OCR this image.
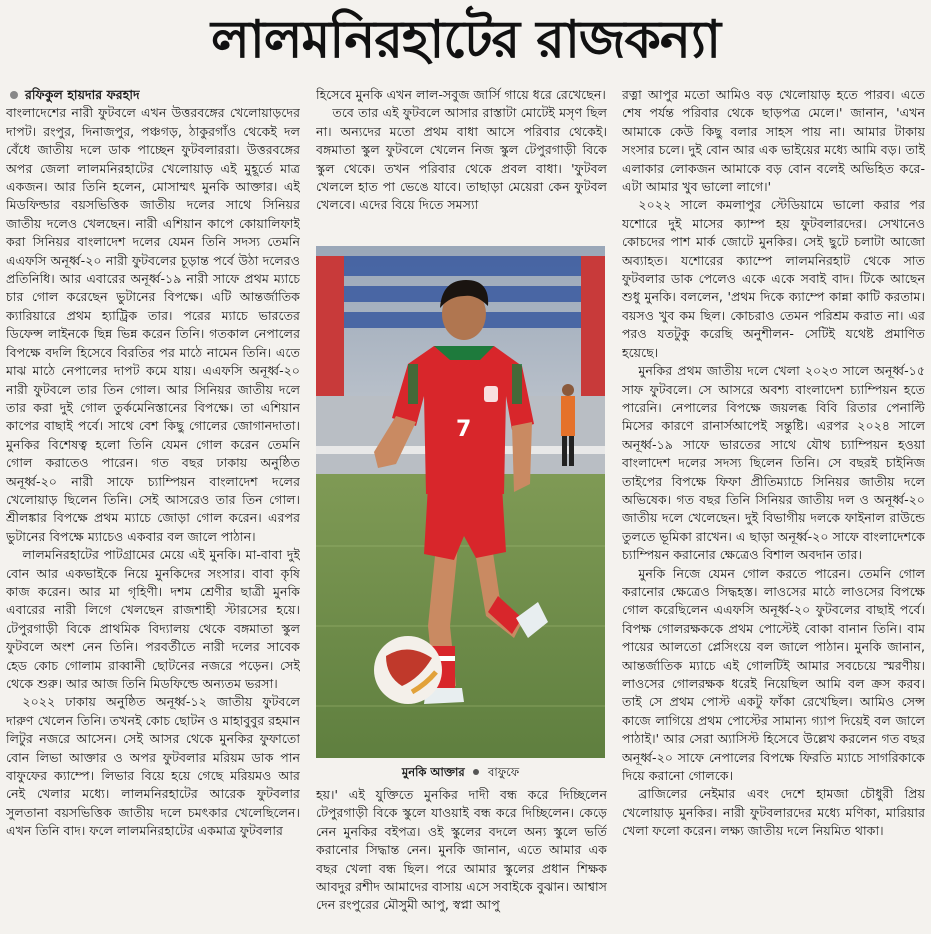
লালমনিরহাটের রাজকন্যা
রফিকুল হায়দার ফরহাদ

বাংলাদেশের নারী ফুটবলে এখন উত্তরবঙ্গের খেলোয়াড়দের দাপট। রংপুর, দিনাজপুর, পঞ্চগড়, ঠাকুরগাঁও থেকেই দল বেঁধে জাতীয় দলে ডাক পাচ্ছেন ফুটবলাররা। উত্তরবঙ্গের অপর জেলা লালমনিরহাটের খেলোয়াড় এই মুহূর্তে মাত্র একজন। আর তিনি হলেন, মোসাম্মৎ মুনকি আক্তার। এই মিডফিল্ডার বয়সভিত্তিক জাতীয় দলের সাথে সিনিয়র জাতীয় দলেও খেলছেন। নারী এশিয়ান কাপে কোয়ালিফাই করা সিনিয়র বাংলাদেশ দলের যেমন তিনি সদস্য তেমনি এএফসি অনূর্ধ্ব-২০ নারী ফুটবলের চূড়ান্ত পর্বে উঠা দলেরও প্রতিনিধি। আর এবারের অনূর্ধ্ব-১৯ নারী সাফে প্রথম ম্যাচে চার গোল করেছেন ভুটানের বিপক্ষে। এটি আন্তর্জাতিক ক্যারিয়ারে প্রথম হ্যাট্রিক তার। পরের ম্যাচে ভারতের ডিফেন্স লাইনকে ছিন্ন ভিন্ন করেন তিনি। গতকাল নেপালের বিপক্ষে বদলি হিসেবে বিরতির পর মাঠে নামেন তিনি। এতে মাঝ মাঠে নেপালের দাপট কমে যায়। এএফসি অনূর্ধ্ব-২০ নারী ফুটবলে তার তিন গোল। আর সিনিয়র জাতীয় দলে তার করা দুই গোল তুর্কমেনিস্তানের বিপক্ষে। তা এশিয়ান কাপের বাছাই পর্বে। সাথে বেশ কিছু গোলের জোগানদাতা। মুনকির বিশেষত্ব হলো তিনি যেমন গোল করেন তেমনি গোল করাতেও পারেন। গত বছর ঢাকায় অনুষ্ঠিত অনূর্ধ্ব-২০ নারী সাফে চ্যাম্পিয়ন বাংলাদেশ দলের খেলোয়াড় ছিলেন তিনি। সেই আসরেও তার তিন গোল। শ্রীলঙ্কার বিপক্ষে প্রথম ম্যাচে জোড়া গোল করেন। এরপর ভুটানের বিপক্ষে ম্যাচেও একবার বল জালে পাঠান।

লালমনিরহাটের পাটগ্রামের মেয়ে এই মুনকি। মা-বাবা দুই বোন আর একভাইকে নিয়ে মুনকিদের সংসার। বাবা কৃষি কাজ করেন। আর মা গৃহিণী। দশম শ্রেণীর ছাত্রী মুনকি এবারের নারী লিগে খেলছেন রাজশাহী স্টারসের হয়ে। টেপুরগাড়ী বিকে প্রাথমিক বিদ্যালয় থেকে বঙ্গমাতা স্কুল ফুটবলে অংশ নেন তিনি। পরবর্তীতে নারী দলের সাবেক হেড কোচ গোলাম রাব্বানী ছোটনের নজরে পড়েন। সেই থেকে শুরু। আর আজ তিনি মিডফিল্ডে অন্যতম ভরসা।

২০২২ ঢাকায় অনুষ্ঠিত অনূর্ধ্ব-১২ জাতীয় ফুটবলে দারুণ খেলেন তিনি। তখনই কোচ ছোটন ও মাহাবুবুর রহমান লিটুর নজরে আসেন। সেই আসর থেকে মুনকির ফুফাতো বোন লিভা আক্তার ও অপর ফুটবলার মরিয়ম ডাক পান বাফুফের ক্যাম্পে। লিভার বিয়ে হয়ে গেছে মরিয়মও আর নেই খেলার মধ্যে। লালমনিরহাটের আরেক ফুটবলার সুলতানা বয়সভিত্তিক জাতীয় দলে চমৎকার খেলেছিলেন। এখন তিনি বাদ। ফলে লালমনিরহাটের একমাত্র ফুটবলার

হিসেবে মুনকি এখন লাল-সবুজ জার্সি গায়ে ধরে রেখেছেন।

তবে তার এই ফুটবলে আসার রাস্তাটা মোটেই মসৃণ ছিল না। অন্যদের মতো প্রথম বাধা আসে পরিবার থেকেই। বঙ্গমাতা স্কুল ফুটবলে খেলেন নিজ স্কুল টেপুরগাড়ী বিকে স্কুল থেকে। তখন পরিবার থেকে প্রবল বাধা। 'ফুটবল খেললে হাত পা ভেঙে যাবে। তাছাড়া মেয়েরা কেন ফুটবল খেলবে। এদের বিয়ে দিতে সমস্যা

হয়।' এই যুক্তিতে মুনকির দাদী বন্ধ করে দিচ্ছিলেন টেপুরগাড়ী বিকে স্কুলে যাওয়াই বন্ধ করে দিচ্ছিলেন। কেড়ে নেন মুনকির বইপত্র। ওই স্কুলের বদলে অন্য স্কুলে ভর্তি করানোর সিদ্ধান্ত নেন। মুনকি জানান, এতে আমার এক বছর খেলা বন্ধ ছিল। পরে আমার স্কুলের প্রধান শিক্ষক আবদুর রশীদ আমাদের বাসায় এসে সবাইকে বুঝান। আশ্বাস দেন রংপুরের মৌসুমী আপু, স্বপ্না আপু

7
মুনকি আক্তার বাফুফে

রত্না আপুর মতো আমিও বড় খেলোয়াড় হতে পারব। এতে শেষ পর্যন্ত পরিবার থেকে ছাড়পত্র মেলে।' জানান, 'এখন আমাকে কেউ কিছু বলার সাহস পায় না। আমার টাকায় সংসার চলে। দুই বোন আর এক ভাইয়ের মধ্যে আমি বড়। তাই এলাকার লোকজন আমাকে বড় বোন বলেই অভিহিত করে- এটা আমার খুব ভালো লাগে।'

২০২২ সালে কমলাপুর স্টেডিয়ামে ভালো করার পর যশোরে দুই মাসের ক্যাম্প হয় ফুটবলারদের। সেখানেও কোচদের পাশ মার্ক জোটে মুনকির। সেই ছুটে চলাটা আজো অব্যাহত। যশোরের ক্যাম্পে লালমনিরহাট থেকে সাত ফুটবলার ডাক পেলেও একে একে সবাই বাদ। টিকে আছেন শুধু মুনকি। বললেন, 'প্রথম দিকে ক্যাম্পে কান্না কাটি করতাম। বয়সও খুব কম ছিল। কোচরাও তেমন পরিশ্রম করাত না। এর পরও যতটুকু করেছি অনুশীলন- সেটিই যথেষ্ট প্রমাণিত হয়েছে।

মুনকির প্রথম জাতীয় দলে খেলা ২০২৩ সালে অনূর্ধ্ব-১৫ সাফ ফুটবলে। সে আসরে অবশ্য বাংলাদেশ চ্যাম্পিয়ন হতে পারেনি। নেপালের বিপক্ষে জয়লব্ধ বিবি রিতার পেনাল্টি মিসের কারণে রানার্সআপেই সন্তুষ্টি। এরপর ২০২৪ সালে অনূর্ধ্ব-১৯ সাফে ভারতের সাথে যৌথ চ্যাম্পিয়ন হওয়া বাংলাদেশ দলের সদস্য ছিলেন তিনি। সে বছরই চাইনিজ তাইপের বিপক্ষে ফিফা প্রীতিম্যাচে সিনিয়র জাতীয় দলে অভিষেক। গত বছর তিনি সিনিয়র জাতীয় দল ও অনূর্ধ্ব-২০ জাতীয় দলে খেলেছেন। দুই বিভাগীয় দলকে ফাইনাল রাউন্ডে তুলতে ভূমিকা রাখেন। এ ছাড়া অনূর্ধ্ব-২০ সাফে বাংলাদেশকে চ্যাম্পিয়ন করানোর ক্ষেত্রেও বিশাল অবদান তার।

মুনকি নিজে যেমন গোল করতে পারেন। তেমনি গোল করানোর ক্ষেত্রেও সিদ্ধহস্ত। লাওসের মাঠে লাওসের বিপক্ষে গোল করেছিলেন এএফসি অনূর্ধ্ব-২০ ফুটবলের বাছাই পর্বে। বিপক্ষ গোলরক্ষককে প্রথম পোস্টেই বোকা বানান তিনি। বাম পায়ের আলতো প্লেসিংয়ে বল জালে পাঠান। মুনকি জানান, আন্তর্জাতিক ম্যাচে এই গোলটিই আমার সবচেয়ে স্মরণীয়। লাওসের গোলরক্ষক ধরেই নিয়েছিল আমি বল ক্রস করব। তাই সে প্রথম পোস্ট একটু ফাঁকা রেখেছিল। আমিও সেন্স কাজে লাগিয়ে প্রথম পোস্টের সামান্য গ্যাপ দিয়েই বল জালে পাঠাই।' আর সেরা অ্যাসিস্ট হিসেবে উল্লেখ করলেন গত বছর অনূর্ধ্ব-২০ সাফে নেপালের বিপক্ষে ফিরতি ম্যাচে সাগরিকাকে দিয়ে করানো গোলকে।

ব্রাজিলের নেইমার এবং দেশে হামজা চৌধুরী প্রিয় খেলোয়াড় মুনকির। নারী ফুটবলারদের মধ্যে মণিকা, মারিয়ার খেলা ফলো করেন। লক্ষ্য জাতীয় দলে নিয়মিত থাকা।
